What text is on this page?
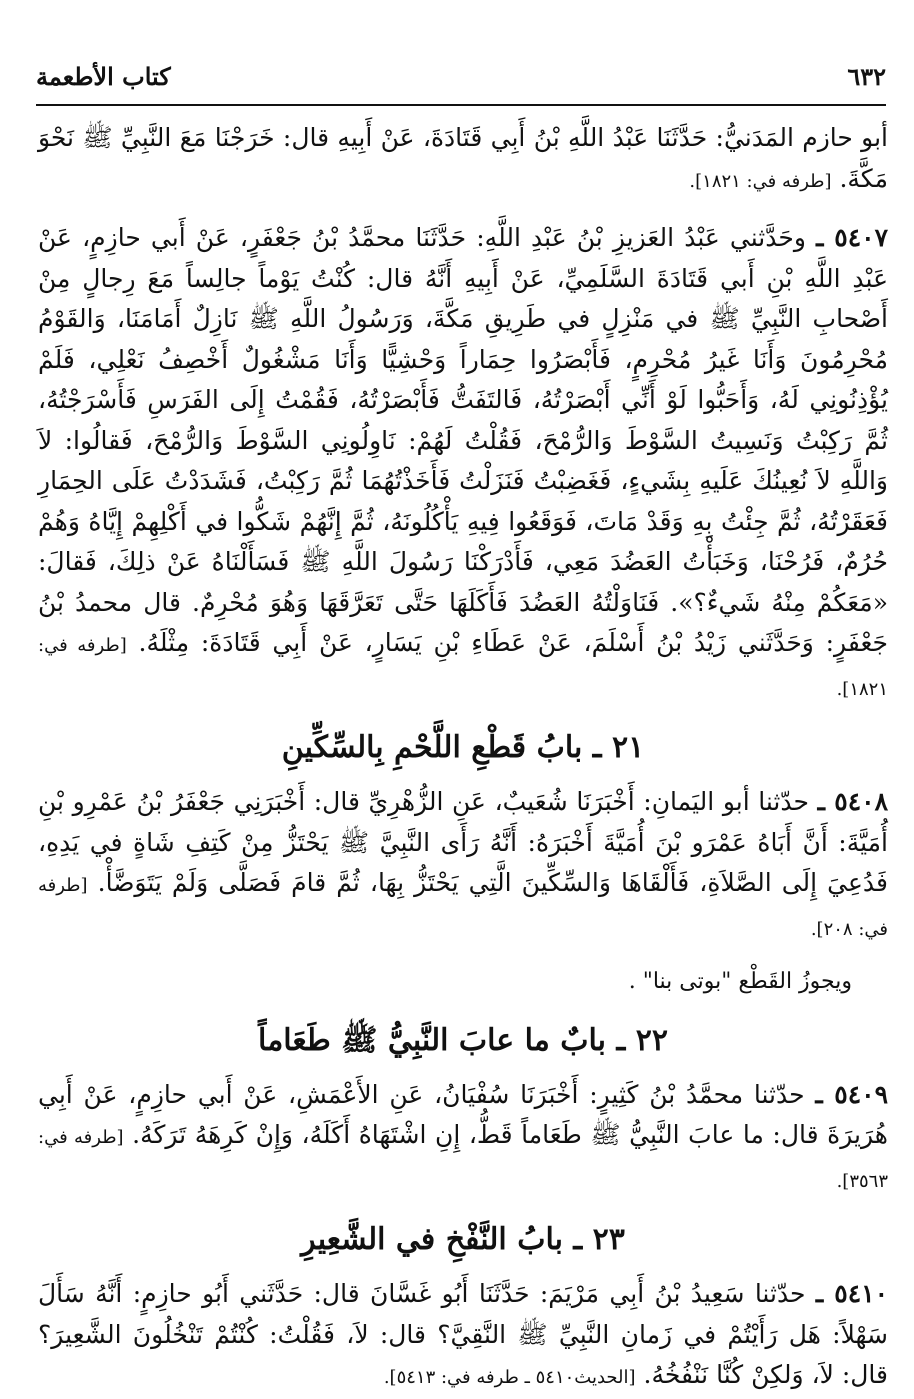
كتاب الأطعمة	٦٣٢

أبو حازم المَدَنيُّ: حَدَّثَنَا عَبْدُ اللَّهِ بْنُ أَبِي قَتَادَةَ، عَنْ أَبِيهِ قال: خَرَجْنَا مَعَ النَّبِيِّ ﷺ نَحْوَ مَكَّةَ. [طرفه في: ١٨٢١].

٥٤٠٧ ـ وحَدَّثني عَبْدُ العَزيزِ بْنُ عَبْدِ اللَّهِ: حَدَّثَنَا محمَّدُ بْنُ جَعْفَرٍ، عَنْ أَبي حازِمٍ، عَنْ عَبْدِ اللَّهِ بْنِ أَبي قَتَادَةَ السَّلَمِيِّ، عَنْ أَبِيهِ أَنَّهُ قال: كُنْتُ يَوْماً جالِساً مَعَ رِجالٍ مِنْ أَصْحابِ النَّبِيِّ ﷺ في مَنْزِلٍ في طَرِيقِ مَكَّةَ، وَرَسُولُ اللَّهِ ﷺ نَازِلٌ أَمَامَنَا، وَالقَوْمُ مُحْرِمُونَ وَأَنَا غَيرُ مُحْرِمٍ، فَأَبْصَرُوا حِمَاراً وَحْشِيًّا وَأَنَا مَشْغُولٌ أَخْصِفُ نَعْلِي، فَلَمْ يُؤْذِنُونِي لَهُ، وَأَحَبُّوا لَوْ أَنِّي أَبْصَرْتُهُ، فَالتَفَتُّ فَأَبْصَرْتُهُ، فَقُمْتُ إِلَى الفَرَسِ فَأَسْرَجْتُهُ، ثُمَّ رَكِبْتُ وَنَسِيتُ السَّوْطَ وَالرُّمْحَ، فَقُلْتُ لَهُمْ: نَاوِلُونِي السَّوْطَ وَالرُّمْحَ، فَقالُوا: لاَ وَاللَّهِ لاَ نُعِينُكَ عَلَيهِ بِشَيءٍ، فَغَضِبْتُ فَنَزَلْتُ فَأَخَذْتُهُمَا ثُمَّ رَكِبْتُ، فَشَدَدْتُ عَلَى الحِمَارِ فَعَقَرْتُهُ، ثُمَّ جِئْتُ بِهِ وَقَدْ مَاتَ، فَوَقَعُوا فِيهِ يَأْكُلُونَهُ، ثُمَّ إِنَّهُمْ شَكُّوا في أَكْلِهِمْ إِيَّاهُ وَهُمْ حُرُمٌ، فَرُحْنَا، وَخَبَأْتُ العَضُدَ مَعِي، فَأَدْرَكْنَا رَسُولَ اللَّهِ ﷺ فَسَأَلْنَاهُ عَنْ ذلِكَ، فَقالَ: «مَعَكُمْ مِنْهُ شَيءٌ؟». فَنَاوَلْتُهُ العَضُدَ فَأَكَلَهَا حَتَّى تَعَرَّقَهَا وَهُوَ مُحْرِمٌ. قال محمدُ بْنُ جَعْفَرٍ: وَحَدَّثَني زَيْدُ بْنُ أَسْلَمَ، عَنْ عَطَاءِ بْنِ يَسَارٍ، عَنْ أَبِي قَتَادَةَ: مِثْلَهُ. [طرفه في: ١٨٢١].

٢١ ـ بابُ قَطْعِ اللَّحْمِ بِالسِّكِّينِ

٥٤٠٨ ـ حدّثنا أبو اليَمانِ: أَخْبَرَنَا شُعَيبٌ، عَنِ الزُّهْرِيِّ قال: أَخْبَرَنِي جَعْفَرُ بْنُ عَمْرِو بْنِ أُمَيَّةَ: أَنَّ أَبَاهُ عَمْرَو بْنَ أُمَيَّةَ أَخْبَرَهُ: أَنَّهُ رَأَى النَّبِيَّ ﷺ يَحْتَزُّ مِنْ كَتِفِ شَاةٍ في يَدِهِ، فَدُعِيَ إِلَى الصَّلاَةِ، فَأَلْقَاهَا وَالسِّكِّينَ الَّتِي يَحْتَزُّ بِهَا، ثُمَّ قامَ فَصَلَّى وَلَمْ يَتَوَضَّأْ. [طرفه في: ٢٠٨].

ويجوزُ القَطْع "بوتى بنا" .

٢٢ ـ بابٌ ما عابَ النَّبِيُّ ﷺ طَعَاماً

٥٤٠٩ ـ حدّثنا محمَّدُ بْنُ كَثِيرٍ: أَخْبَرَنَا سُفْيَانُ، عَنِ الأَعْمَشِ، عَنْ أَبي حازِمٍ، عَنْ أَبِي هُرَيرَةَ قال: ما عابَ النَّبِيُّ ﷺ طَعَاماً قَطُّ، إِنِ اشْتَهَاهُ أَكَلَهُ، وَإِنْ كَرِهَهُ تَرَكَهُ. [طرفه في: ٣٥٦٣].

٢٣ ـ بابُ النَّفْخِ في الشَّعِيرِ

٥٤١٠ ـ حدّثنا سَعِيدُ بْنُ أَبِي مَرْيَمَ: حَدَّثَنَا أَبُو غَسَّانَ قال: حَدَّثَني أَبُو حازِمٍ: أَنَّهُ سَأَلَ سَهْلاً: هَل رَأَيْتُمْ في زَمانِ النَّبِيِّ ﷺ النَّقِيَّ؟ قال: لاَ، فَقُلْتُ: كُنْتُمْ تَنْخُلُونَ الشَّعِيرَ؟ قال: لاَ، وَلكِنْ كُنَّا نَنْفُخُهُ. [الحديث٥٤١٠ ـ طرفه في: ٥٤١٣].
